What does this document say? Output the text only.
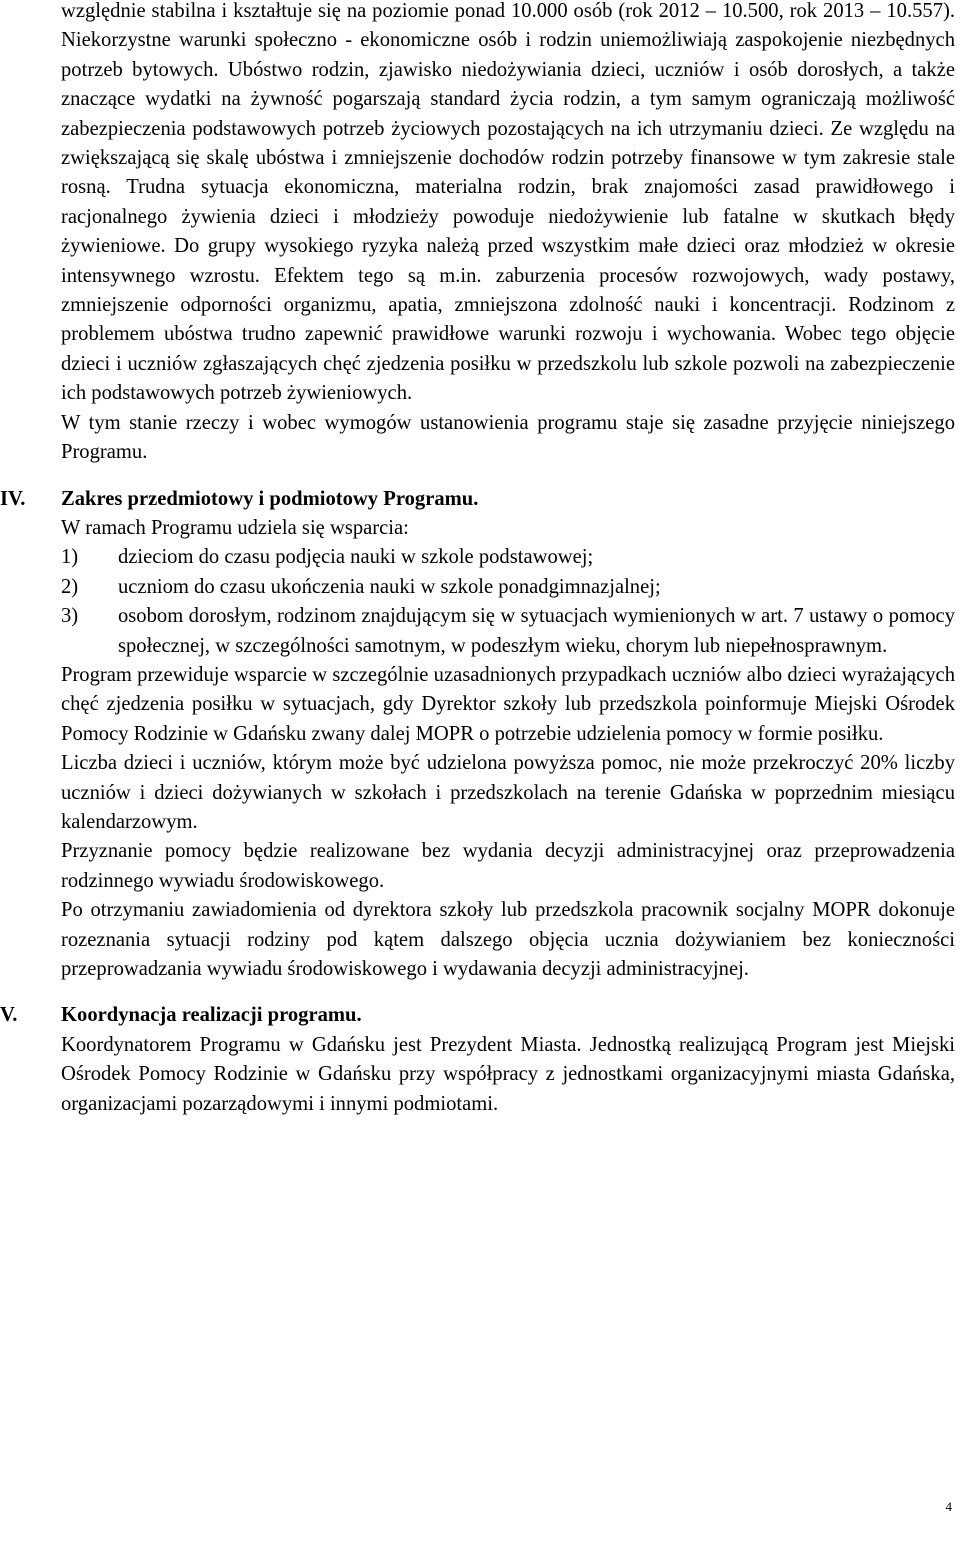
względnie stabilna i kształtuje się na poziomie ponad 10.000 osób (rok 2012 – 10.500, rok 2013 – 10.557). Niekorzystne warunki społeczno - ekonomiczne osób i rodzin uniemożliwiają zaspokojenie niezbędnych potrzeb bytowych. Ubóstwo rodzin, zjawisko niedożywiania dzieci, uczniów i osób dorosłych, a także znaczące wydatki na żywność pogarszają standard życia rodzin, a tym samym ograniczają możliwość zabezpieczenia podstawowych potrzeb życiowych pozostających na ich utrzymaniu dzieci. Ze względu na zwiększającą się skalę ubóstwa i zmniejszenie dochodów rodzin potrzeby finansowe w tym zakresie stale rosną. Trudna sytuacja ekonomiczna, materialna rodzin, brak znajomości zasad prawidłowego i racjonalnego żywienia dzieci i młodzieży powoduje niedożywienie lub fatalne w skutkach błędy żywieniowe. Do grupy wysokiego ryzyka należą przed wszystkim małe dzieci oraz młodzież w okresie intensywnego wzrostu. Efektem tego są m.in. zaburzenia procesów rozwojowych, wady postawy, zmniejszenie odporności organizmu, apatia, zmniejszona zdolność nauki i koncentracji. Rodzinom z problemem ubóstwa trudno zapewnić prawidłowe warunki rozwoju i wychowania. Wobec tego objęcie dzieci i uczniów zgłaszających chęć zjedzenia posiłku w przedszkolu lub szkole pozwoli na zabezpieczenie ich podstawowych potrzeb żywieniowych.

W tym stanie rzeczy i wobec wymogów ustanowienia programu staje się zasadne przyjęcie niniejszego Programu.

IV. Zakres przedmiotowy i podmiotowy Programu.

W ramach Programu udziela się wsparcia:

1) dzieciom do czasu podjęcia nauki w szkole podstawowej;
2) uczniom do czasu ukończenia nauki w szkole ponadgimnazjalnej;
3) osobom dorosłym, rodzinom znajdującym się w sytuacjach wymienionych w art. 7 ustawy o pomocy społecznej, w szczególności samotnym, w podeszłym wieku, chorym lub niepełnosprawnym.

Program przewiduje wsparcie w szczególnie uzasadnionych przypadkach uczniów albo dzieci wyrażających chęć zjedzenia posiłku w sytuacjach, gdy Dyrektor szkoły lub przedszkola poinformuje Miejski Ośrodek Pomocy Rodzinie w Gdańsku zwany dalej MOPR o potrzebie udzielenia pomocy w formie posiłku.

Liczba dzieci i uczniów, którym może być udzielona powyższa pomoc, nie może przekroczyć 20% liczby uczniów i dzieci dożywianych w szkołach i przedszkolach na terenie Gdańska w poprzednim miesiącu kalendarzowym.

Przyznanie pomocy będzie realizowane bez wydania decyzji administracyjnej oraz przeprowadzenia rodzinnego wywiadu środowiskowego.

Po otrzymaniu zawiadomienia od dyrektora szkoły lub przedszkola pracownik socjalny MOPR dokonuje rozeznania sytuacji rodziny pod kątem dalszego objęcia ucznia dożywianiem bez konieczności przeprowadzania wywiadu środowiskowego i wydawania decyzji administracyjnej.

V. Koordynacja realizacji programu.

Koordynatorem Programu w Gdańsku jest Prezydent Miasta. Jednostką realizującą Program jest Miejski Ośrodek Pomocy Rodzinie w Gdańsku przy współpracy z jednostkami organizacyjnymi miasta Gdańska, organizacjami pozarządowymi i innymi podmiotami.

4
